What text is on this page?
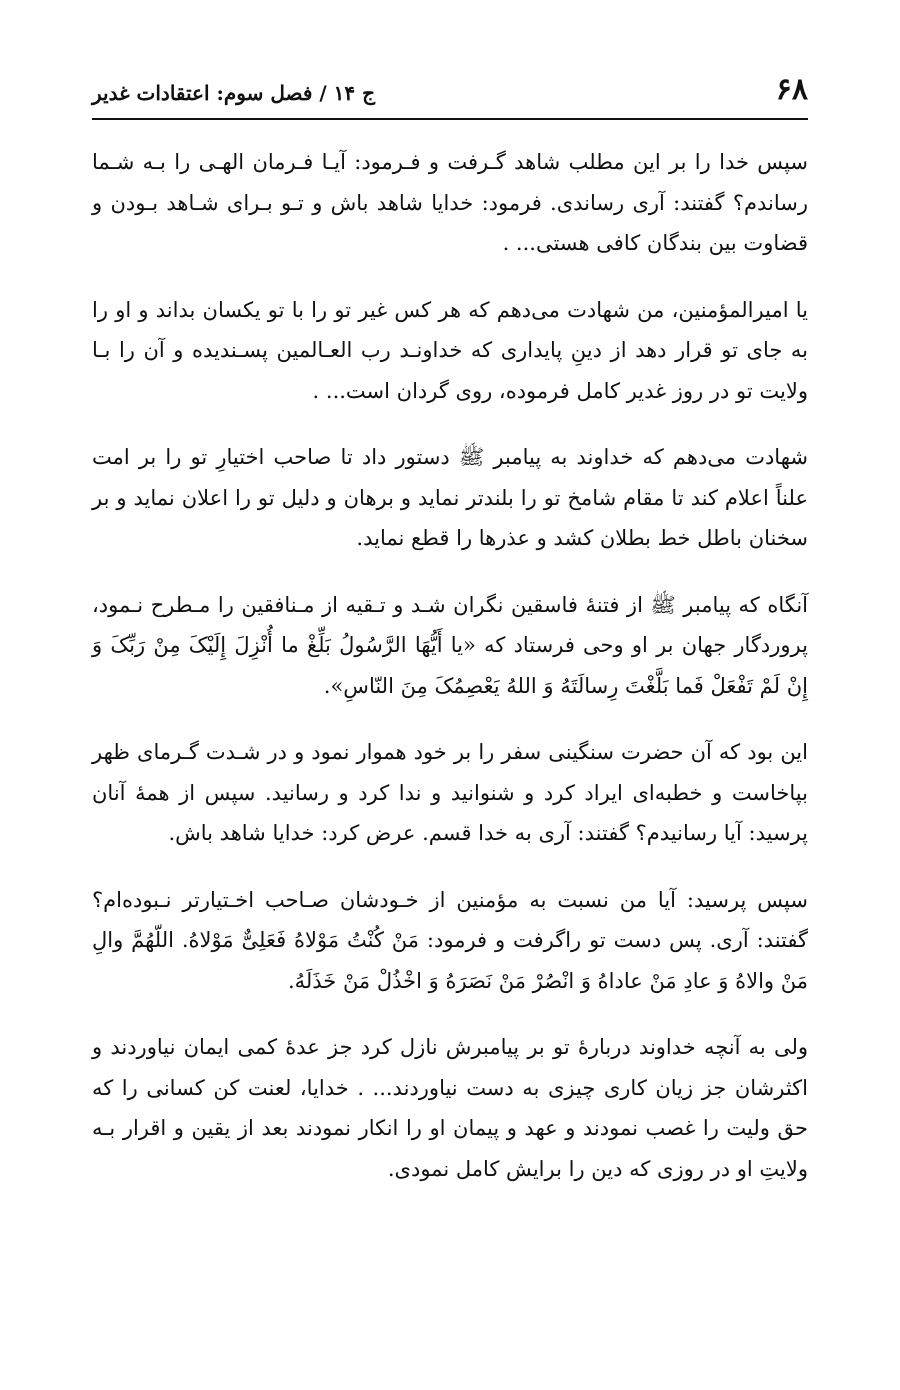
۶۸
ج ۱۴ / فصل سوم: اعتقادات غدیر

سپس خدا را بر این مطلب شاهد گـرفت و فـرمود: آیـا فـرمان الهـی را بـه شـما رساندم؟ گفتند: آری رساندی. فرمود: خدایا شاهد باش و تـو بـرای شـاهد بـودن و قضاوت بین بندگان کافی هستی... .

یا امیرالمؤمنین، من شهادت می‌دهم که هر کس غیر تو را با تو یکسان بداند و او را به جای تو قرار دهد از دینِ پایداری که خداونـد رب العـالمین پسـندیده و آن را بـا ولایت تو در روز غدیر کامل فرموده، روی گردان است... .

شهادت می‌دهم که خداوند به پیامبر ﷺ دستور داد تا صاحب اختیارِ تو را بر امت علناً اعلام کند تا مقام شامخ تو را بلندتر نماید و برهان و دلیل تو را اعلان نماید و بر سخنان باطل خط بطلان کشد و عذرها را قطع نماید.

آنگاه که پیامبر ﷺ از فتنهٔ فاسقین نگران شـد و تـقیه از مـنافقین را مـطرح نـمود، پروردگار جهان بر او وحی فرستاد که «یا أَیُّهَا الرَّسُولُ بَلِّغْ ما أُنْزِلَ إِلَیْکَ مِنْ رَبِّکَ وَ إِنْ لَمْ تَفْعَلْ فَما بَلَّغْتَ رِسالَتَهُ وَ اللهُ یَعْصِمُکَ مِنَ النّاسِ».

این بود که آن حضرت سنگینی سفر را بر خود هموار نمود و در شـدت گـرمای ظهر بپاخاست و خطبه‌ای ایراد کرد و شنوانید و ندا کرد و رسانید. سپس از همهٔ آنان پرسید: آیا رسانیدم؟ گفتند: آری به خدا قسم. عرض کرد: خدایا شاهد باش.

سپس پرسید: آیا من نسبت به مؤمنین از خـودشان صـاحب اخـتیارتر نـبوده‌ام؟ گفتند: آری. پس دست تو راگرفت و فرمود: مَنْ کُنْتُ مَوْلاهُ فَعَلِیٌّ مَوْلاهُ. اللّهُمَّ والِ مَنْ والاهُ وَ عادِ مَنْ عاداهُ وَ انْصُرْ مَنْ نَصَرَهُ وَ اخْذُلْ مَنْ خَذَلَهُ.

ولی به آنچه خداوند دربارهٔ تو بر پیامبرش نازل کرد جز عدهٔ کمی ایمان نیاوردند و اکثرشان جز زیان کاری چیزی به دست نیاوردند... . خدایا، لعنت کن کسانی را که حق ولیت را غصب نمودند و عهد و پیمان او را انکار نمودند بعد از یقین و اقرار بـه ولایتِ او در روزی که دین را برایش کامل نمودی.
